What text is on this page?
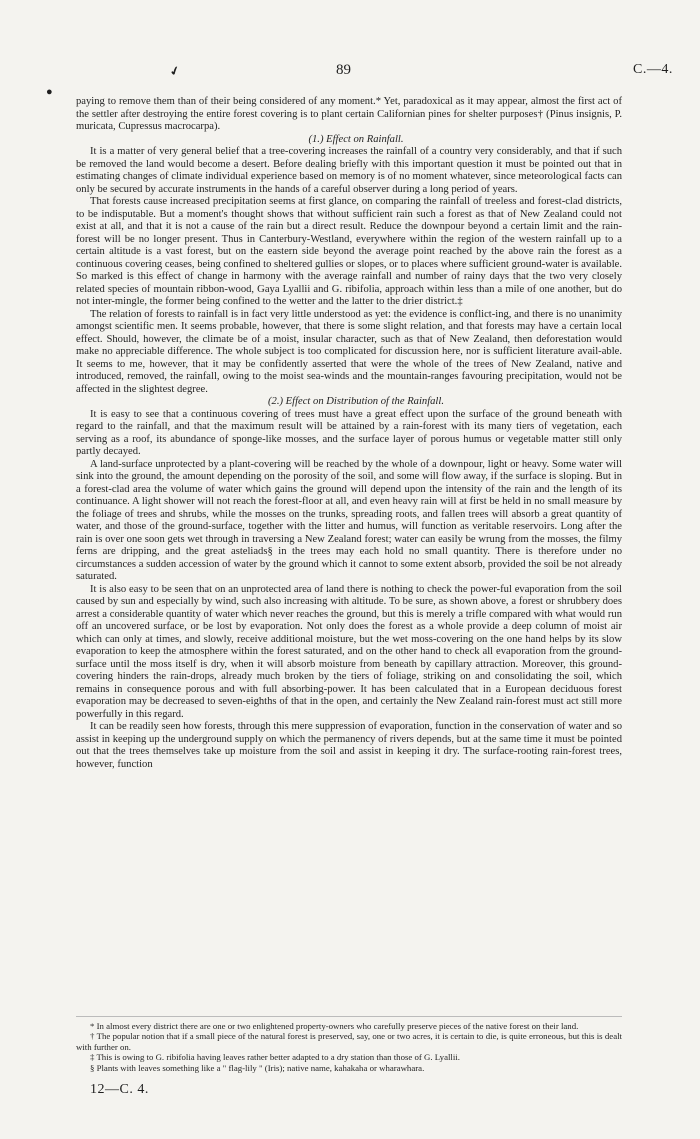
✔
●
89	C.—4.

paying to remove them than of their being considered of any moment.* Yet, paradoxical as it may appear, almost the first act of the settler after destroying the entire forest covering is to plant certain Californian pines for shelter purposes† (Pinus insignis, P. muricata, Cupressus macrocarpa).

(1.) Effect on Rainfall.

It is a matter of very general belief that a tree-covering increases the rainfall of a country very considerably, and that if such be removed the land would become a desert. Before dealing briefly with this important question it must be pointed out that in estimating changes of climate individual experience based on memory is of no moment whatever, since meteorological facts can only be secured by accurate instruments in the hands of a careful observer during a long period of years.

That forests cause increased precipitation seems at first glance, on comparing the rainfall of treeless and forest-clad districts, to be indisputable. But a moment's thought shows that without sufficient rain such a forest as that of New Zealand could not exist at all, and that it is not a cause of the rain but a direct result. Reduce the downpour beyond a certain limit and the rain-forest will be no longer present. Thus in Canterbury-Westland, everywhere within the region of the western rainfall up to a certain altitude is a vast forest, but on the eastern side beyond the average point reached by the above rain the forest as a continuous covering ceases, being confined to sheltered gullies or slopes, or to places where sufficient ground-water is available. So marked is this effect of change in harmony with the average rainfall and number of rainy days that the two very closely related species of mountain ribbon-wood, Gaya Lyallii and G. ribifolia, approach within less than a mile of one another, but do not inter-mingle, the former being confined to the wetter and the latter to the drier district.‡

The relation of forests to rainfall is in fact very little understood as yet: the evidence is conflict-ing, and there is no unanimity amongst scientific men. It seems probable, however, that there is some slight relation, and that forests may have a certain local effect. Should, however, the climate be of a moist, insular character, such as that of New Zealand, then deforestation would make no appreciable difference. The whole subject is too complicated for discussion here, nor is sufficient literature avail-able. It seems to me, however, that it may be confidently asserted that were the whole of the trees of New Zealand, native and introduced, removed, the rainfall, owing to the moist sea-winds and the mountain-ranges favouring precipitation, would not be affected in the slightest degree.

(2.) Effect on Distribution of the Rainfall.

It is easy to see that a continuous covering of trees must have a great effect upon the surface of the ground beneath with regard to the rainfall, and that the maximum result will be attained by a rain-forest with its many tiers of vegetation, each serving as a roof, its abundance of sponge-like mosses, and the surface layer of porous humus or vegetable matter still only partly decayed.

A land-surface unprotected by a plant-covering will be reached by the whole of a downpour, light or heavy. Some water will sink into the ground, the amount depending on the porosity of the soil, and some will flow away, if the surface is sloping. But in a forest-clad area the volume of water which gains the ground will depend upon the intensity of the rain and the length of its continuance. A light shower will not reach the forest-floor at all, and even heavy rain will at first be held in no small measure by the foliage of trees and shrubs, while the mosses on the trunks, spreading roots, and fallen trees will absorb a great quantity of water, and those of the ground-surface, together with the litter and humus, will function as veritable reservoirs. Long after the rain is over one soon gets wet through in traversing a New Zealand forest; water can easily be wrung from the mosses, the filmy ferns are dripping, and the great asteliads§ in the trees may each hold no small quantity. There is therefore under no circumstances a sudden accession of water by the ground which it cannot to some extent absorb, provided the soil be not already saturated.

It is also easy to be seen that on an unprotected area of land there is nothing to check the power-ful evaporation from the soil caused by sun and especially by wind, such also increasing with altitude. To be sure, as shown above, a forest or shrubbery does arrest a considerable quantity of water which never reaches the ground, but this is merely a trifle compared with what would run off an uncovered surface, or be lost by evaporation. Not only does the forest as a whole provide a deep column of moist air which can only at times, and slowly, receive additional moisture, but the wet moss-covering on the one hand helps by its slow evaporation to keep the atmosphere within the forest saturated, and on the other hand to check all evaporation from the ground-surface until the moss itself is dry, when it will absorb moisture from beneath by capillary attraction. Moreover, this ground-covering hinders the rain-drops, already much broken by the tiers of foliage, striking on and consolidating the soil, which remains in consequence porous and with full absorbing-power. It has been calculated that in a European deciduous forest evaporation may be decreased to seven-eighths of that in the open, and certainly the New Zealand rain-forest must act still more powerfully in this regard.

It can be readily seen how forests, through this mere suppression of evaporation, function in the conservation of water and so assist in keeping up the underground supply on which the permanency of rivers depends, but at the same time it must be pointed out that the trees themselves take up moisture from the soil and assist in keeping it dry. The surface-rooting rain-forest trees, however, function

* In almost every district there are one or two enlightened property-owners who carefully preserve pieces of the native forest on their land.

† The popular notion that if a small piece of the natural forest is preserved, say, one or two acres, it is certain to die, is quite erroneous, but this is dealt with further on.

‡ This is owing to G. ribifolia having leaves rather better adapted to a dry station than those of G. Lyallii.

§ Plants with leaves something like a " flag-lily " (Iris); native name, kahakaha or wharawhara.

12—C. 4.
